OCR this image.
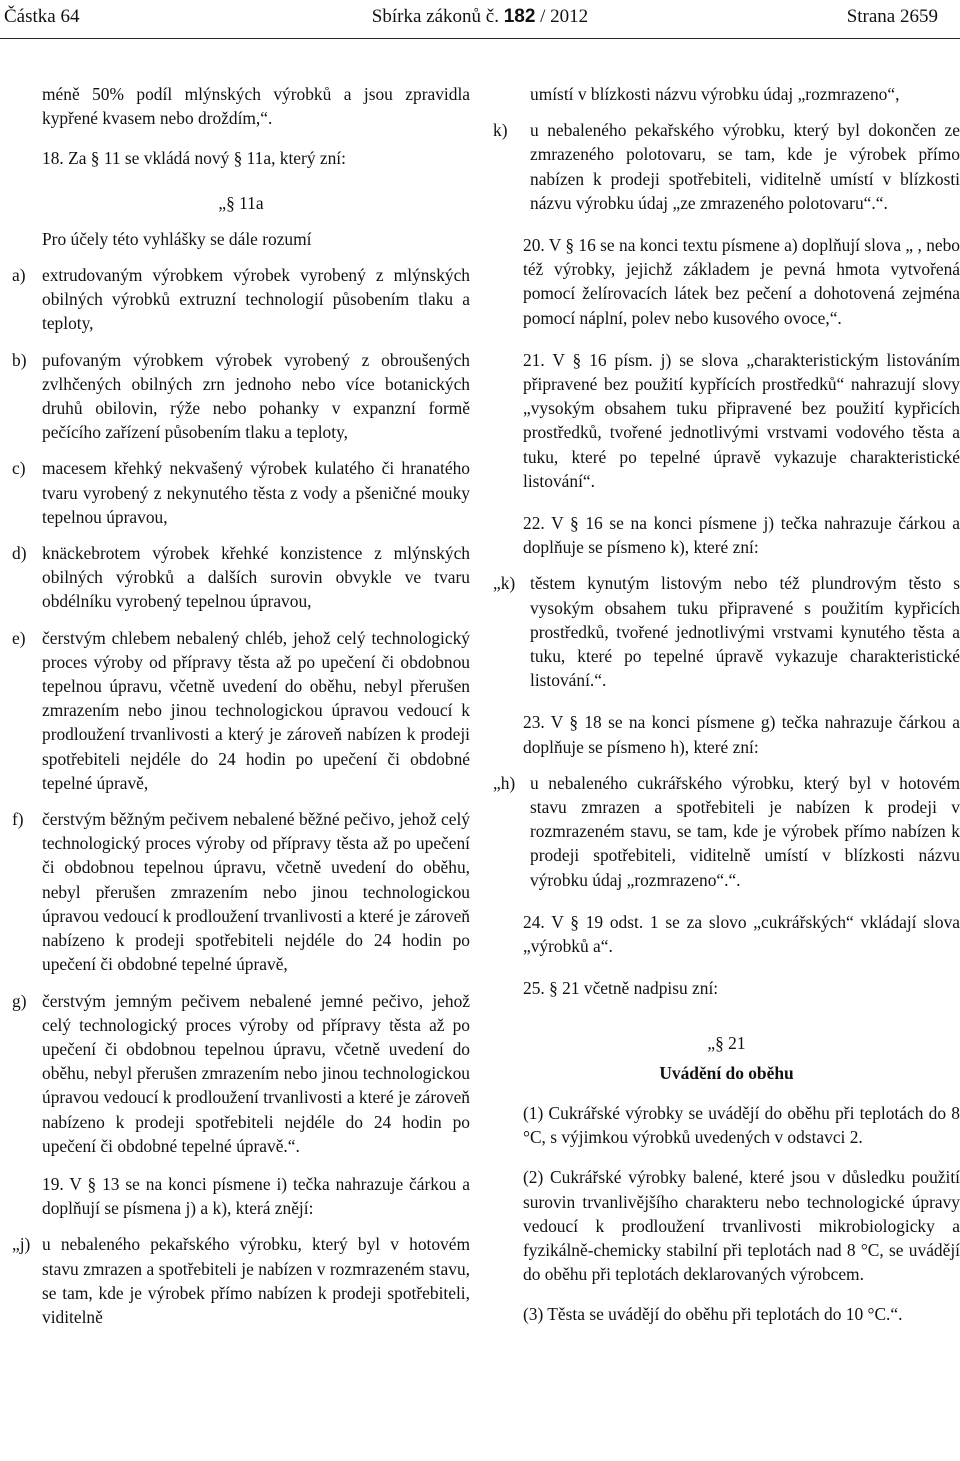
Částka 64	Sbírka zákonů č. 182 / 2012	Strana 2659

méně 50% podíl mlýnských výrobků a jsou zpravidla kypřené kvasem nebo droždím,“.

18. Za § 11 se vkládá nový § 11a, který zní:

„§ 11a

Pro účely této vyhlášky se dále rozumí

a) extrudovaným výrobkem výrobek vyrobený z mlýnských obilných výrobků extruzní technologií působením tlaku a teploty,
b) pufovaným výrobkem výrobek vyrobený z obroušených zvlhčených obilných zrn jednoho nebo více botanických druhů obilovin, rýže nebo pohanky v expanzní formě pečícího zařízení působením tlaku a teploty,
c) macesem křehký nekvašený výrobek kulatého či hranatého tvaru vyrobený z nekynutého těsta z vody a pšeničné mouky tepelnou úpravou,
d) knäckebrotem výrobek křehké konzistence z mlýnských obilných výrobků a dalších surovin obvykle ve tvaru obdélníku vyrobený tepelnou úpravou,
e) čerstvým chlebem nebalený chléb, jehož celý technologický proces výroby od přípravy těsta až po upečení či obdobnou tepelnou úpravu, včetně uvedení do oběhu, nebyl přerušen zmrazením nebo jinou technologickou úpravou vedoucí k prodloužení trvanlivosti a který je zároveň nabízen k prodeji spotřebiteli nejdéle do 24 hodin po upečení či obdobné tepelné úpravě,
f)	čerstvým běžným pečivem nebalené běžné pečivo, jehož celý technologický proces výroby od přípravy těsta až po upečení či obdobnou tepelnou úpravu, včetně uvedení do oběhu, nebyl přerušen zmrazením nebo jinou technologickou úpravou vedoucí k prodloužení trvanlivosti a které je zároveň nabízeno k prodeji spotřebiteli nejdéle do 24 hodin po upečení či obdobné tepelné úpravě,
g) čerstvým jemným pečivem nebalené jemné pečivo, jehož celý technologický proces výroby od přípravy těsta až po upečení či obdobnou tepelnou úpravu, včetně uvedení do oběhu, nebyl přerušen zmrazením nebo jinou technologickou úpravou vedoucí k prodloužení trvanlivosti a které je zároveň nabízeno k prodeji spotřebiteli nejdéle do 24 hodin po upečení či obdobné tepelné úpravě.“.

19. V § 13 se na konci písmene i) tečka nahrazuje čárkou a doplňují se písmena j) a k), která znějí:

„j) u nebaleného pekařského výrobku, který byl v hotovém stavu zmrazen a spotřebiteli je nabízen v rozmrazeném stavu, se tam, kde je výrobek přímo nabízen k prodeji spotřebiteli, viditelně

umístí v blízkosti názvu výrobku údaj „rozmrazeno“,

k)	u nebaleného pekařského výrobku, který byl dokončen ze zmrazeného polotovaru, se tam, kde je výrobek přímo nabízen k prodeji spotřebiteli, viditelně umístí v blízkosti názvu výrobku údaj „ze zmrazeného polotovaru“.“.

20. V § 16 se na konci textu písmene a) doplňují slova „ , nebo též výrobky, jejichž základem je pevná hmota vytvořená pomocí želírovacích látek bez pečení a dohotovená zejména pomocí náplní, polev nebo kusového ovoce,“.

21. V § 16 písm. j) se slova „charakteristickým listováním připravené bez použití kypřících prostředků“ nahrazují slovy „vysokým obsahem tuku připravené bez použití kypřicích prostředků, tvořené jednotlivými vrstvami vodového těsta a tuku, které po tepelné úpravě vykazuje charakteristické listování“.

22. V § 16 se na konci písmene j) tečka nahrazuje čárkou a doplňuje se písmeno k), které zní:

„k) těstem kynutým listovým nebo též plundrovým těsto s vysokým obsahem tuku připravené s použitím kypřicích prostředků, tvořené jednotlivými vrstvami kynutého těsta a tuku, které po tepelné úpravě vykazuje charakteristické listování.“.

23. V § 18 se na konci písmene g) tečka nahrazuje čárkou a doplňuje se písmeno h), které zní:

„h) u nebaleného cukrářského výrobku, který byl v hotovém stavu zmrazen a spotřebiteli je nabízen k prodeji v rozmrazeném stavu, se tam, kde je výrobek přímo nabízen k prodeji spotřebiteli, viditelně umístí v blízkosti názvu výrobku údaj „rozmrazeno“.“.

24. V § 19 odst. 1 se za slovo „cukrářských“ vkládají slova „výrobků a“.

25. § 21 včetně nadpisu zní:

„§ 21

Uvádění do oběhu

(1) Cukrářské výrobky se uvádějí do oběhu při teplotách do 8 °C, s výjimkou výrobků uvedených v odstavci 2.

(2) Cukrářské výrobky balené, které jsou v důsledku použití surovin trvanlivějšího charakteru nebo technologické úpravy vedoucí k prodloužení trvanlivosti mikrobiologicky a fyzikálně-chemicky stabilní při teplotách nad 8 °C, se uvádějí do oběhu při teplotách deklarovaných výrobcem.

(3) Těsta se uvádějí do oběhu při teplotách do 10 °C.“.
